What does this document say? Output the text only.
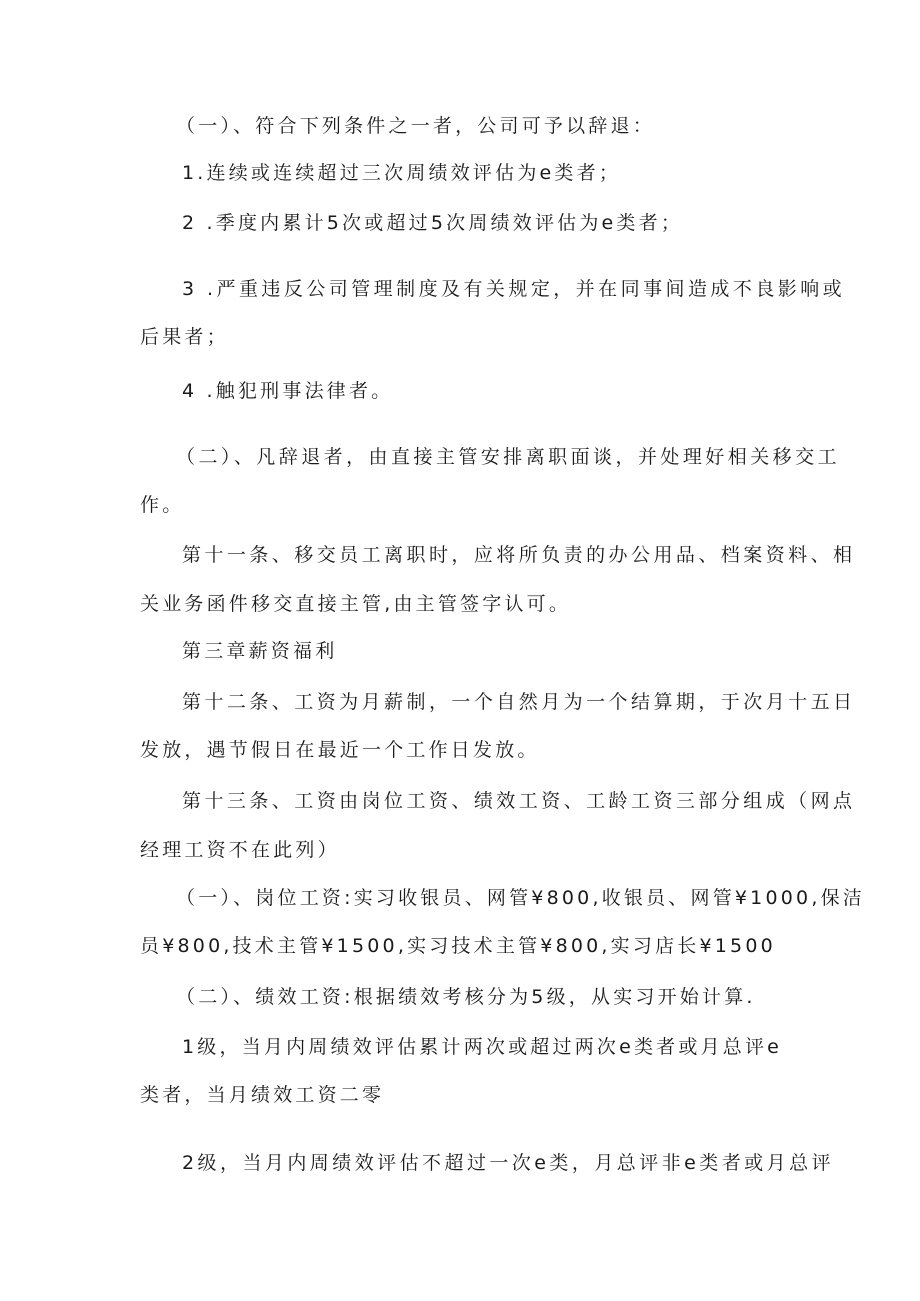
（一）、符合下列条件之一者，公司可予以辞退：
1.连续或连续超过三次周绩效评估为e类者；
2 .季度内累计5次或超过5次周绩效评估为e类者；
3 .严重违反公司管理制度及有关规定，并在同事间造成不良影响或
后果者；
4 .触犯刑事法律者。
（二）、凡辞退者，由直接主管安排离职面谈，并处理好相关移交工
作。
第十一条、移交员工离职时，应将所负责的办公用品、档案资料、相
关业务函件移交直接主管,由主管签字认可。
第三章薪资福利
第十二条、工资为月薪制，一个自然月为一个结算期，于次月十五日
发放，遇节假日在最近一个工作日发放。
第十三条、工资由岗位工资、绩效工资、工龄工资三部分组成（网点
经理工资不在此列）
（一）、岗位工资:实习收银员、网管¥800,收银员、网管¥1000,保洁
员¥800,技术主管¥1500,实习技术主管¥800,实习店长¥1500
（二）、绩效工资:根据绩效考核分为5级，从实习开始计算.
1级，当月内周绩效评估累计两次或超过两次e类者或月总评e
类者，当月绩效工资二零
2级，当月内周绩效评估不超过一次e类，月总评非e类者或月总评
